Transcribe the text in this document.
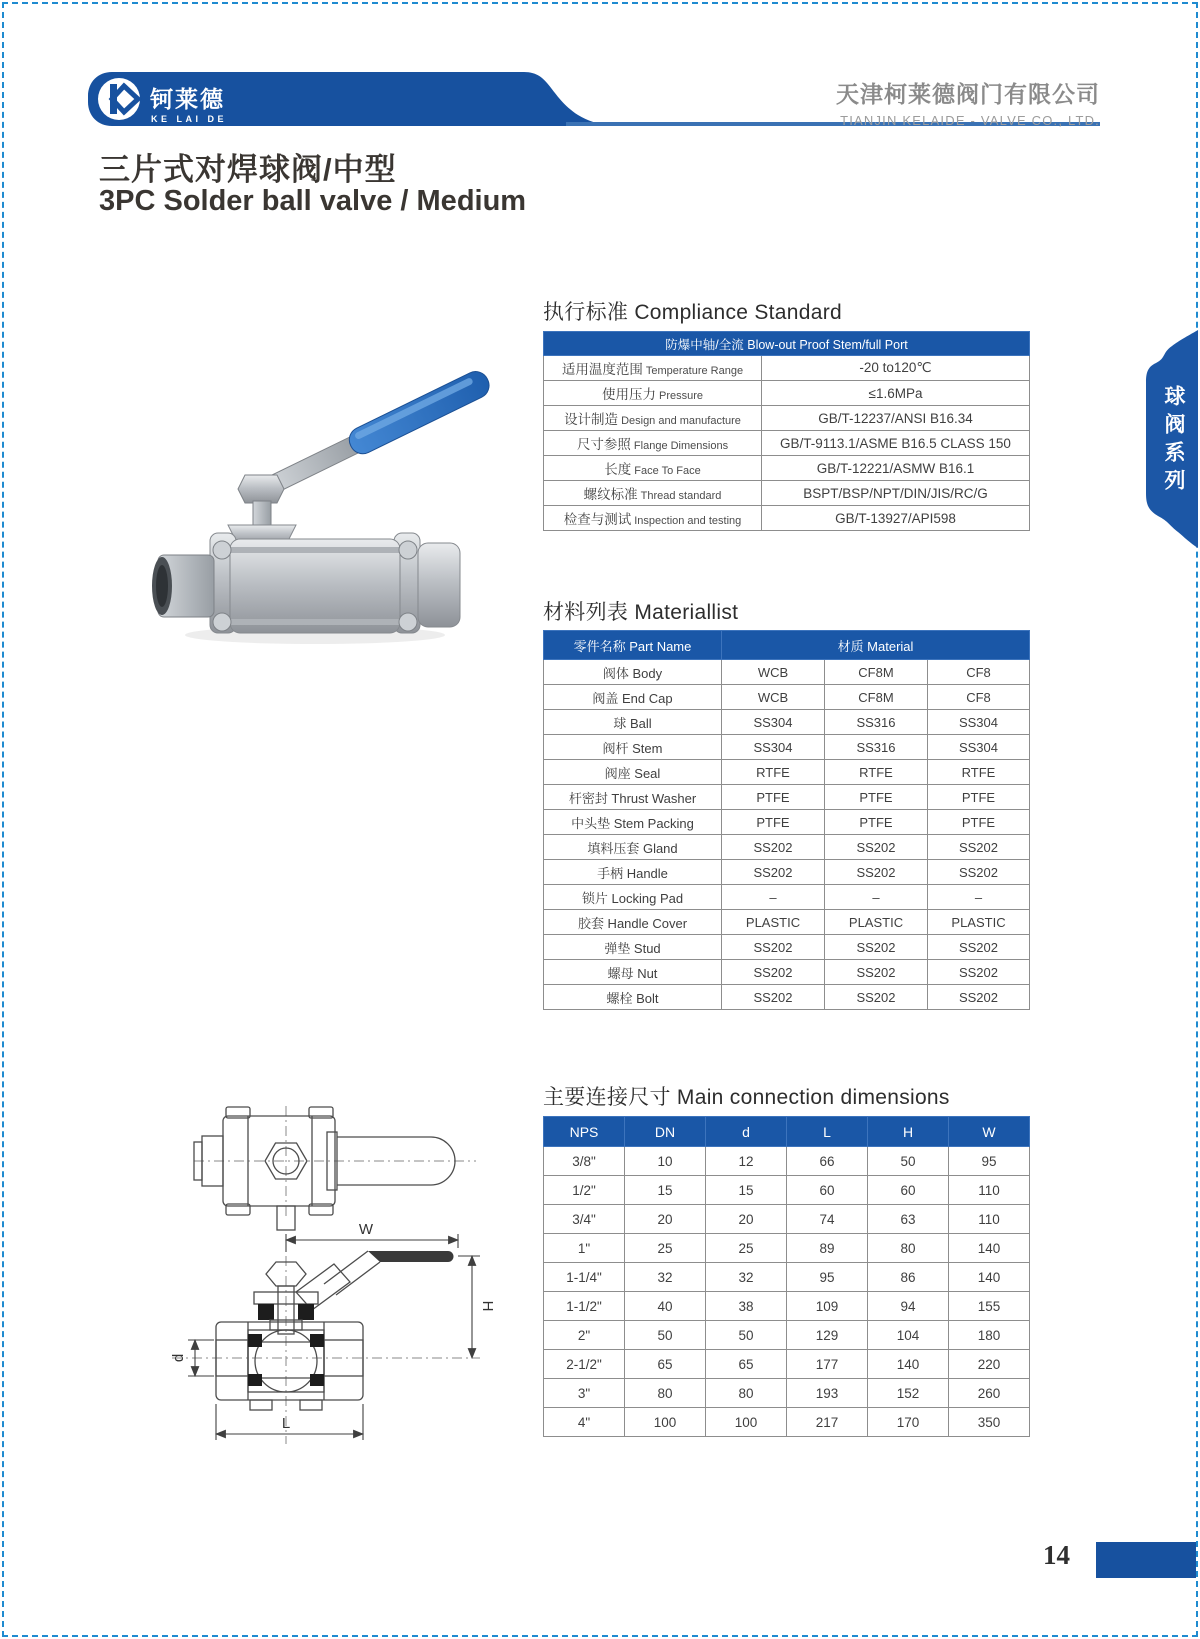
钶莱德
KE LAI DE
天津柯莱德阀门有限公司
TIANJIN KELAIDE - VALVE CO., LTD.
三片式对焊球阀/中型
3PC Solder ball valve / Medium
执行标准 Compliance Standard
防爆中轴/全流 Blow-out Proof Stem/full Port	
适用温度范围 Temperature Range	-20 to120℃
使用压力 Pressure	≤1.6MPa
设计制造 Design and manufacture	GB/T-12237/ANSI B16.34
尺寸参照 Flange Dimensions	GB/T-9113.1/ASME B16.5 CLASS 150
长度 Face To Face	GB/T-12221/ASMW B16.1
螺纹标准 Thread standard	BSPT/BSP/NPT/DIN/JIS/RC/G
检查与测试 Inspection and testing	GB/T-13927/API598
材料列表 Materiallist
零件名称 Part Name	材质 Material		
阀体 Body	WCB	CF8M	CF8
阀盖 End Cap	WCB	CF8M	CF8
球 Ball	SS304	SS316	SS304
阀杆 Stem	SS304	SS316	SS304
阀座 Seal	RTFE	RTFE	RTFE
杆密封 Thrust Washer	PTFE	PTFE	PTFE
中头垫 Stem Packing	PTFE	PTFE	PTFE
填料压套 Gland	SS202	SS202	SS202
手柄 Handle	SS202	SS202	SS202
锁片 Locking Pad	–	–	–
胶套 Handle Cover	PLASTIC	PLASTIC	PLASTIC
弹垫 Stud	SS202	SS202	SS202
螺母 Nut	SS202	SS202	SS202
螺栓 Bolt	SS202	SS202	SS202
W
H
d
L
主要连接尺寸 Main connection dimensions
NPS	DN	d	L	H	W
3/8"	10	12	66	50	95
1/2"	15	15	60	60	110
3/4"	20	20	74	63	110
1"	25	25	89	80	140
1-1/4"	32	32	95	86	140
1-1/2"	40	38	109	94	155
2"	50	50	129	104	180
2-1/2"	65	65	177	140	220
3"	80	80	193	152	260
4"	100	100	217	170	350
球阀系列
14
